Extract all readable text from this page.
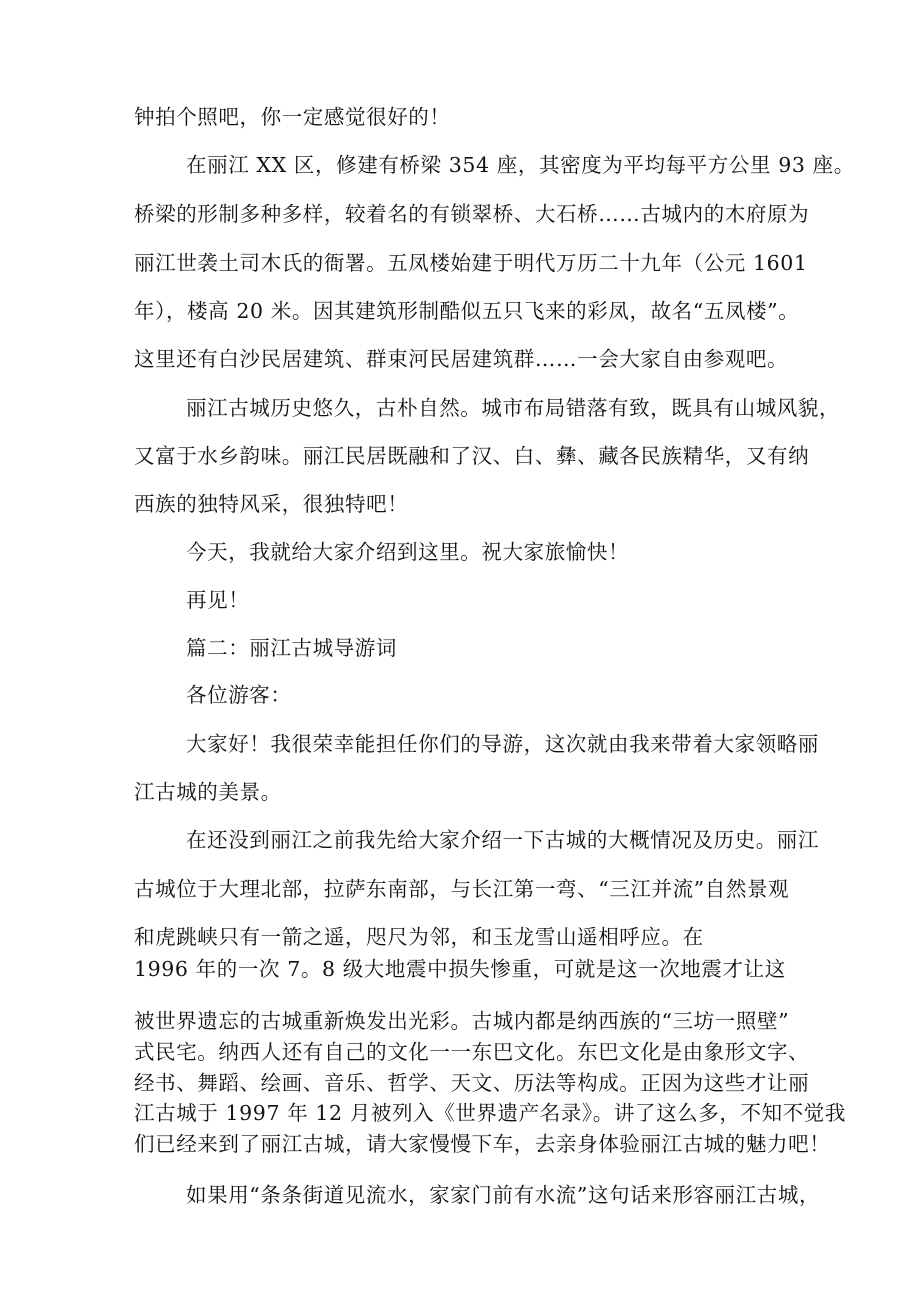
钟拍个照吧，你一定感觉很好的！
在丽江 XX 区，修建有桥梁 354 座，其密度为平均每平方公里 93 座。
桥梁的形制多种多样，较着名的有锁翠桥、大石桥……古城内的木府原为
丽江世袭土司木氏的衙署。五凤楼始建于明代万历二十九年（公元 1601
年），楼高 20 米。因其建筑形制酷似五只飞来的彩凤，故名“五凤楼”。
这里还有白沙民居建筑、群束河民居建筑群……一会大家自由参观吧。
丽江古城历史悠久，古朴自然。城市布局错落有致，既具有山城风貌，
又富于水乡韵味。丽江民居既融和了汉、白、彝、藏各民族精华，又有纳
西族的独特风采，很独特吧！
今天，我就给大家介绍到这里。祝大家旅愉快！
再见！
篇二：丽江古城导游词
各位游客：
大家好！我很荣幸能担任你们的导游，这次就由我来带着大家领略丽
江古城的美景。
在还没到丽江之前我先给大家介绍一下古城的大概情况及历史。丽江
古城位于大理北部，拉萨东南部，与长江第一弯、“三江并流”自然景观
和虎跳峡只有一箭之遥，咫尺为邻，和玉龙雪山遥相呼应。在
1996 年的一次 7。8 级大地震中损失惨重，可就是这一次地震才让这
被世界遗忘的古城重新焕发出光彩。古城内都是纳西族的“三坊一照壁”
式民宅。纳西人还有自己的文化一一东巴文化。东巴文化是由象形文字、
经书、舞蹈、绘画、音乐、哲学、天文、历法等构成。正因为这些才让丽
江古城于 1997 年 12 月被列入《世界遗产名录》。讲了这么多，不知不觉我
们已经来到了丽江古城，请大家慢慢下车，去亲身体验丽江古城的魅力吧！
如果用“条条街道见流水，家家门前有水流”这句话来形容丽江古城，
